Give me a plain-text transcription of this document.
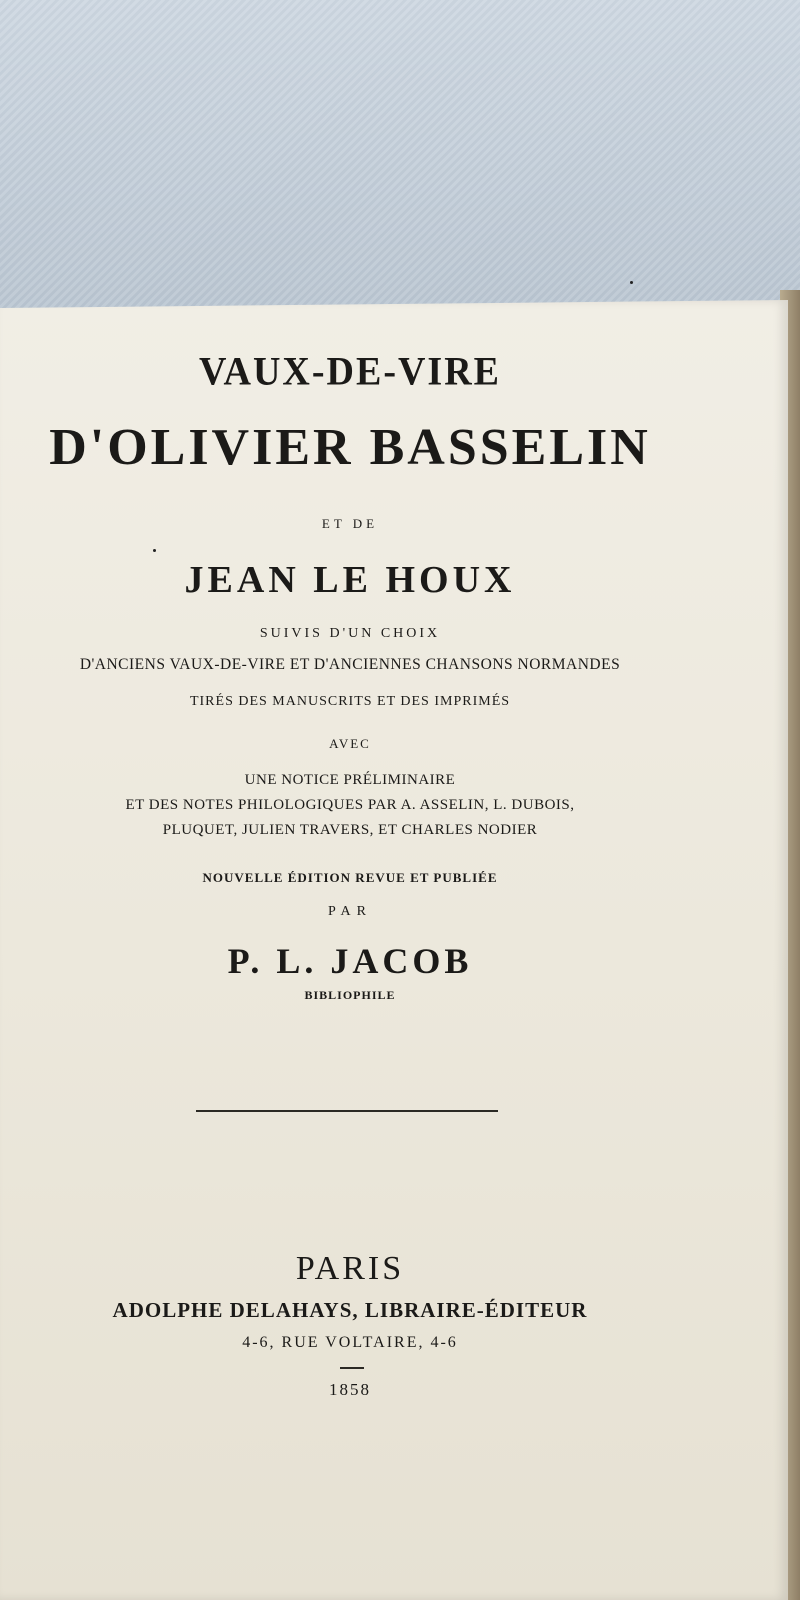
VAUX-DE-VIRE
D'OLIVIER BASSELIN
ET DE
JEAN LE HOUX
SUIVIS D'UN CHOIX
D'ANCIENS VAUX-DE-VIRE ET D'ANCIENNES CHANSONS NORMANDES
TIRÉS DES MANUSCRITS ET DES IMPRIMÉS
AVEC
UNE NOTICE PRÉLIMINAIRE
ET DES NOTES PHILOLOGIQUES PAR A. ASSELIN, L. DUBOIS,
PLUQUET, JULIEN TRAVERS, ET CHARLES NODIER
NOUVELLE ÉDITION REVUE ET PUBLIÉE
PAR
P. L. JACOB
BIBLIOPHILE
PARIS
ADOLPHE DELAHAYS, LIBRAIRE-ÉDITEUR
4-6, RUE VOLTAIRE, 4-6
1858
